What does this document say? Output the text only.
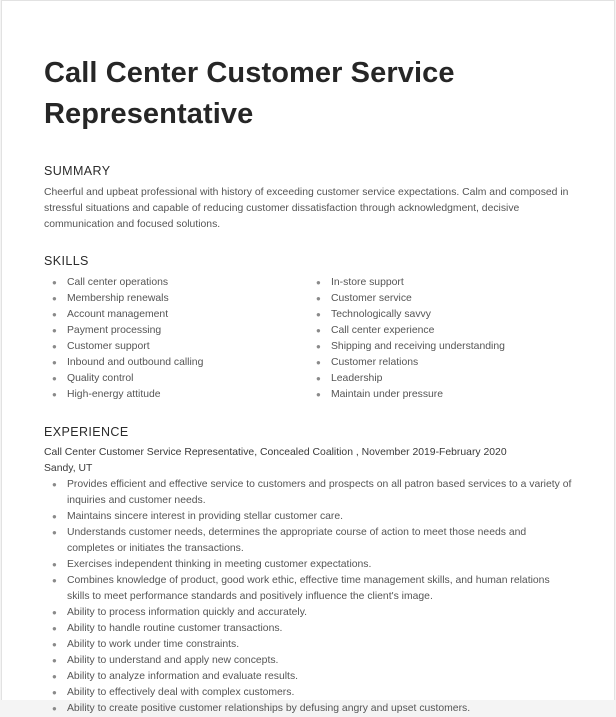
Call Center Customer Service
Representative
SUMMARY

Cheerful and upbeat professional with history of exceeding customer service expectations. Calm and composed in stressful situations and capable of reducing customer dissatisfaction through acknowledgment, decisive communication and focused solutions.

SKILLS
● Call center operations
● Membership renewals
● Account management
● Payment processing
● Customer support
● Inbound and outbound calling
● Quality control
● High-energy attitude
● In-store support
● Customer service
● Technologically savvy
● Call center experience
● Shipping and receiving understanding
● Customer relations
● Leadership
● Maintain under pressure
EXPERIENCE
Call Center Customer Service Representative, Concealed Coalition , November 2019-February 2020
Sandy, UT
● Provides efficient and effective service to customers and prospects on all patron based services to a variety of inquiries and customer needs.
● Maintains sincere interest in providing stellar customer care.
● Understands customer needs, determines the appropriate course of action to meet those needs and completes or initiates the transactions.
● Exercises independent thinking in meeting customer expectations.
● Combines knowledge of product, good work ethic, effective time management skills, and human relations skills to meet performance standards and positively influence the client's image.
● Ability to process information quickly and accurately.
● Ability to handle routine customer transactions.
● Ability to work under time constraints.
● Ability to understand and apply new concepts.
● Ability to analyze information and evaluate results.
● Ability to effectively deal with complex customers.
● Ability to create positive customer relationships by defusing angry and upset customers.
